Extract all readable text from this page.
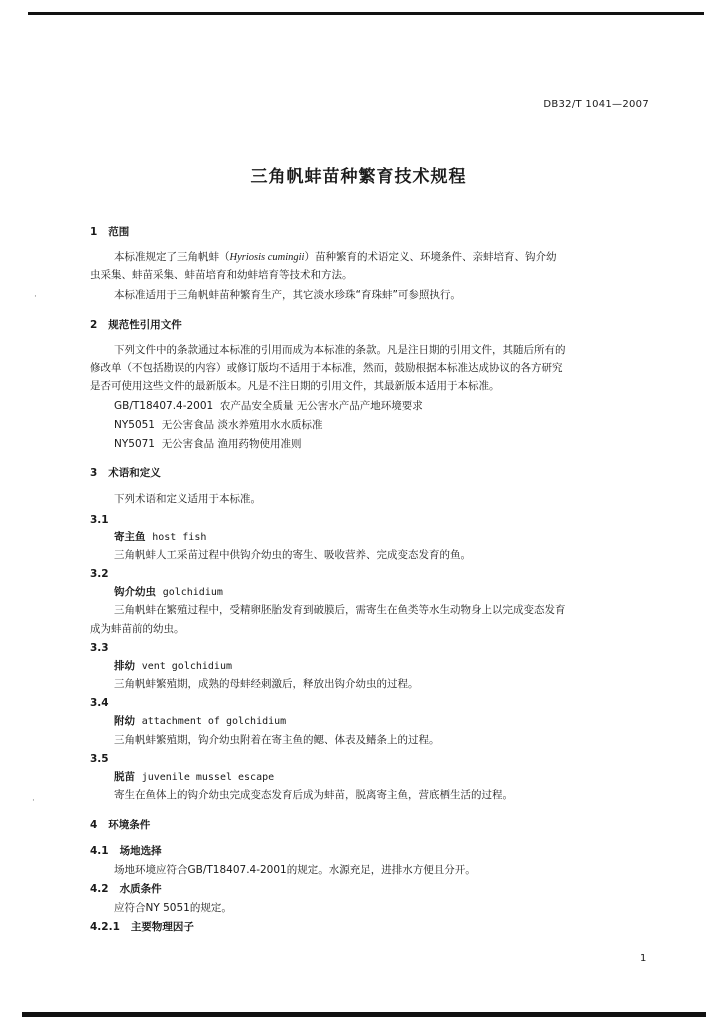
DB32/T 1041—2007
三角帆蚌苗种繁育技术规程
1 范围
本标准规定了三角帆蚌（Hyriosis cumingii）苗种繁育的术语定义、环境条件、亲蚌培育、钩介幼
虫采集、蚌苗采集、蚌苗培育和幼蚌培育等技术和方法。
本标准适用于三角帆蚌苗种繁育生产，其它淡水珍珠“育珠蚌”可参照执行。
2 规范性引用文件
下列文件中的条款通过本标准的引用而成为本标准的条款。凡是注日期的引用文件，其随后所有的
修改单（不包括勘误的内容）或修订版均不适用于本标准，然而，鼓励根据本标准达成协议的各方研究
是否可使用这些文件的最新版本。凡是不注日期的引用文件，其最新版本适用于本标准。
GB/T18407.4-2001 农产品安全质量 无公害水产品产地环境要求
NY5051 无公害食品 淡水养殖用水水质标准
NY5071 无公害食品 渔用药物使用准则
3 术语和定义
下列术语和定义适用于本标准。
3.1
寄主鱼 host fish
三角帆蚌人工采苗过程中供钩介幼虫的寄生、吸收营养、完成变态发育的鱼。
3.2
钩介幼虫 golchidium
三角帆蚌在繁殖过程中，受精卵胚胎发育到破膜后，需寄生在鱼类等水生动物身上以完成变态发育
成为蚌苗前的幼虫。
3.3
排幼 vent golchidium
三角帆蚌繁殖期，成熟的母蚌经刺激后，释放出钩介幼虫的过程。
3.4
附幼 attachment of golchidium
三角帆蚌繁殖期，钩介幼虫附着在寄主鱼的鳃、体表及鳍条上的过程。
3.5
脱苗 juvenile mussel escape
寄生在鱼体上的钩介幼虫完成变态发育后成为蚌苗，脱离寄主鱼，营底栖生活的过程。
4 环境条件
4.1 场地选择
场地环境应符合GB/T18407.4-2001的规定。水源充足，进排水方便且分开。
4.2 水质条件
应符合NY 5051的规定。
4.2.1 主要物理因子
1
·
·
